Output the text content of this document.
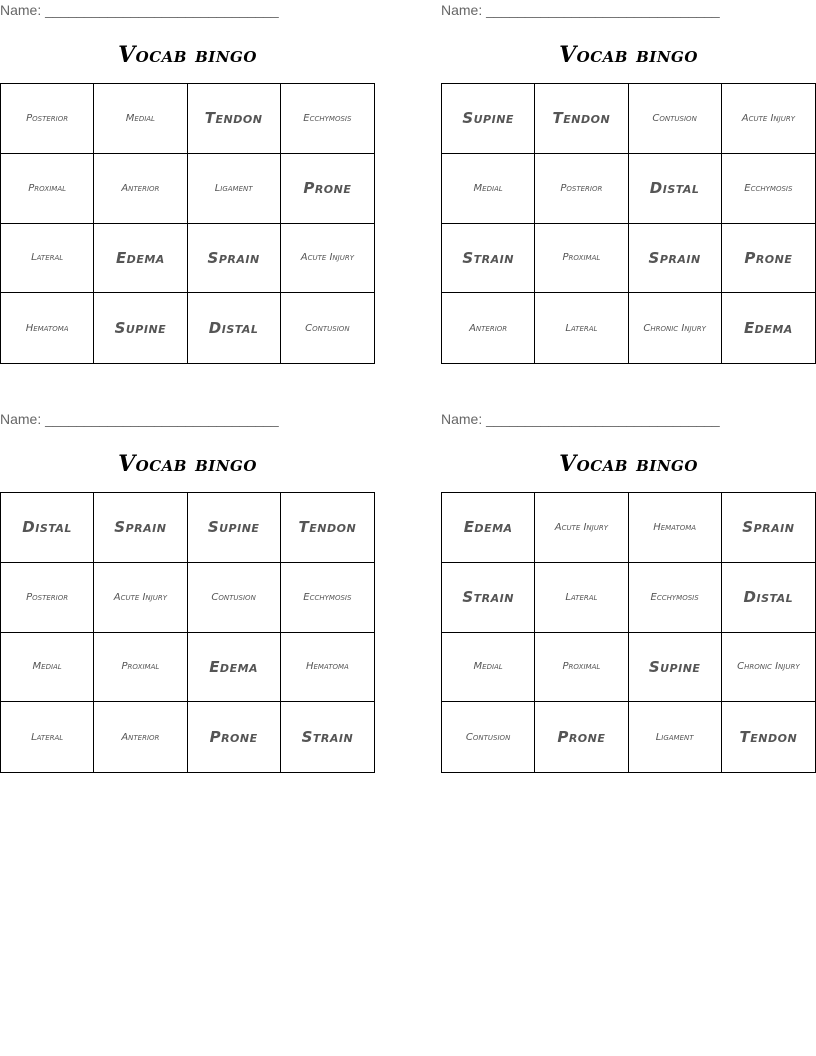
Name: ______________________________
Vocab bingo
Posterior	Medial	Tendon	Ecchymosis
Proximal	Anterior	Ligament	Prone
Lateral	Edema	Sprain	Acute Injury
Hematoma	Supine	Distal	Contusion
Name: ______________________________
Vocab bingo
Supine	Tendon	Contusion	Acute Injury
Medial	Posterior	Distal	Ecchymosis
Strain	Proximal	Sprain	Prone
Anterior	Lateral	Chronic Injury	Edema
Name: ______________________________
Vocab bingo
Distal	Sprain	Supine	Tendon
Posterior	Acute Injury	Contusion	Ecchymosis
Medial	Proximal	Edema	Hematoma
Lateral	Anterior	Prone	Strain
Name: ______________________________
Vocab bingo
Edema	Acute Injury	Hematoma	Sprain
Strain	Lateral	Ecchymosis	Distal
Medial	Proximal	Supine	Chronic Injury
Contusion	Prone	Ligament	Tendon
